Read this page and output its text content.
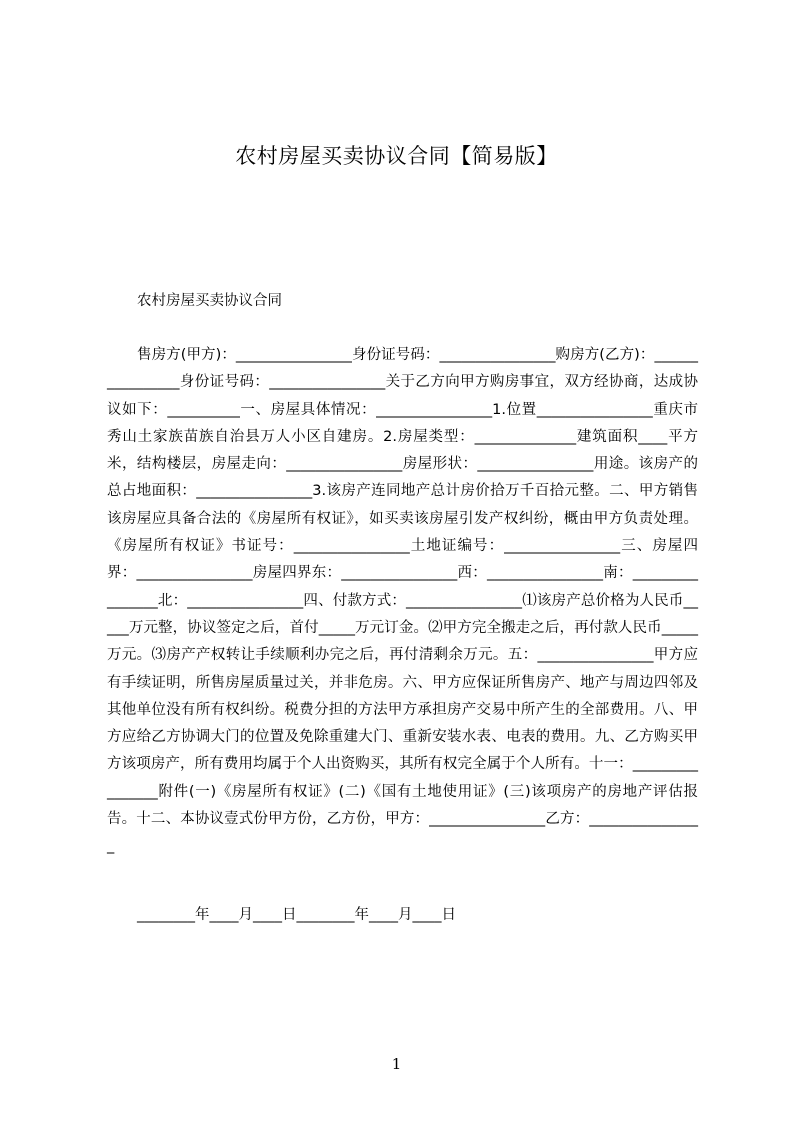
农村房屋买卖协议合同【简易版】
农村房屋买卖协议合同
售房方(甲方)：________________身份证号码：________________购房方(乙方)：________________身份证号码：________________关于乙方向甲方购房事宜，双方经协商，达成协议如下：__________一、房屋具体情况：________________1.位置________________重庆市秀山土家族苗族自治县万人小区自建房。2.房屋类型：______________建筑面积____平方米，结构楼层，房屋走向：________________房屋形状：________________用途。该房产的总占地面积：________________3.该房产连同地产总计房价拾万千百拾元整。二、甲方销售该房屋应具备合法的《房屋所有权证》，如买卖该房屋引发产权纠纷，概由甲方负责处理。《房屋所有权证》书证号：________________土地证编号：________________三、房屋四界：________________房屋四界东：________________西：________________南：________________北：________________四、付款方式：________________⑴该房产总价格为人民币_____万元整，协议签定之后，首付_____万元订金。⑵甲方完全搬走之后，再付款人民币_____万元。⑶房产产权转让手续顺利办完之后，再付清剩余万元。五：________________甲方应有手续证明，所售房屋质量过关，并非危房。六、甲方应保证所售房产、地产与周边四邻及其他单位没有所有权纠纷。税费分担的方法甲方承担房产交易中所产生的全部费用。八、甲方应给乙方协调大门的位置及免除重建大门、重新安装水表、电表的费用。九、乙方购买甲方该项房产，所有费用均属于个人出资购买，其所有权完全属于个人所有。十一：________________附件(一)《房屋所有权证》(二)《国有土地使用证》(三)该项房产的房地产评估报告。十二、本协议壹式份甲方份，乙方份，甲方：________________乙方：________________
________年____月____日________年____月____日
1
